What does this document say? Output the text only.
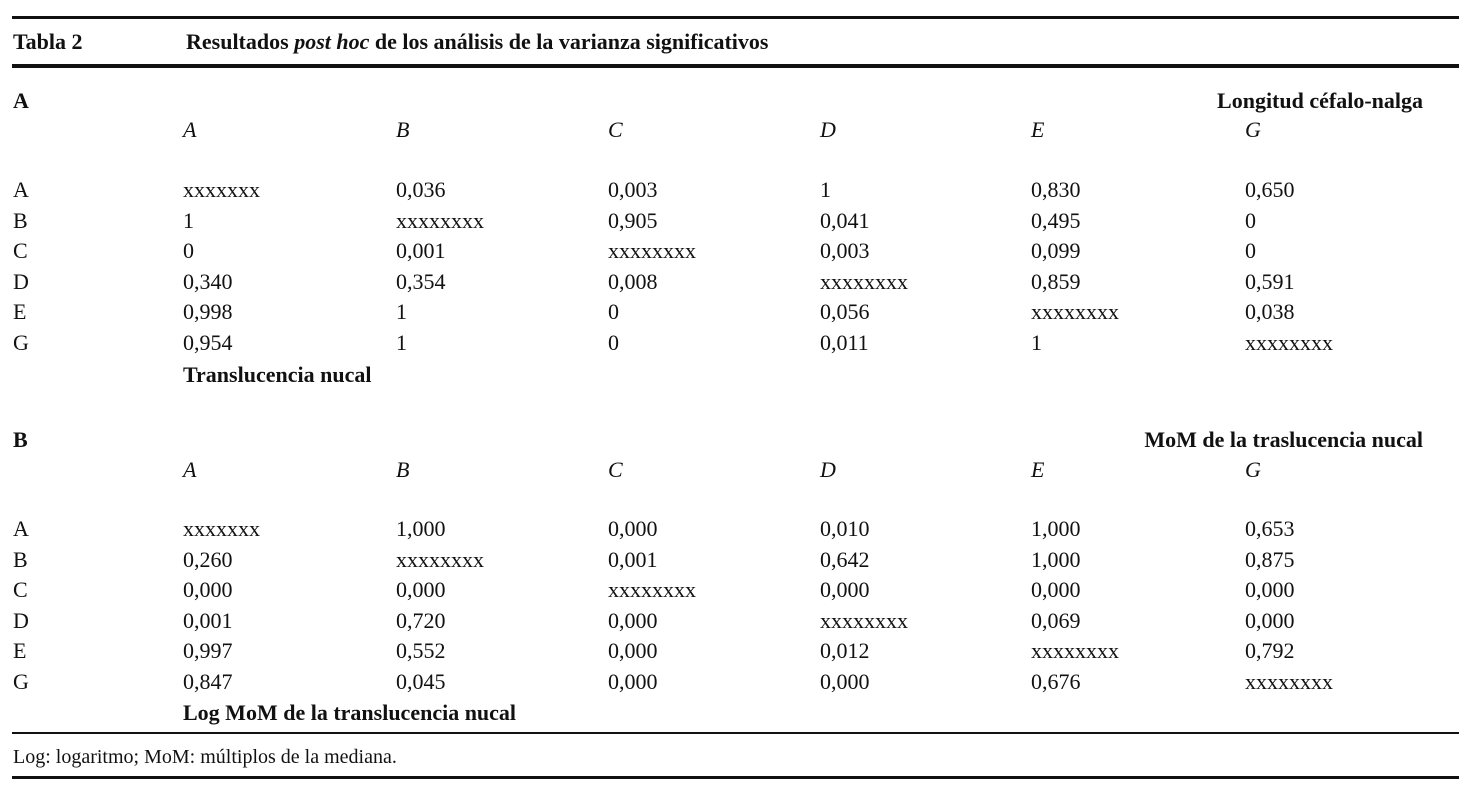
Tabla 2	Resultados post hoc de los análisis de la varianza significativos
A	Longitud céfalo-nalga
Translucencia nucal
A	B	C	D	E	G
A	xxxxxxx	0,036	0,003	1	0,830	0,650
B	1	xxxxxxxx	0,905	0,041	0,495	0
C	0	0,001	xxxxxxxx	0,003	0,099	0
D	0,340	0,354	0,008	xxxxxxxx	0,859	0,591
E	0,998	1	0	0,056	xxxxxxxx	0,038
G	0,954	1	0	0,011	1	xxxxxxxx
B	MoM de la traslucencia nucal
Log MoM de la translucencia nucal
A	B	C	D	E	G
A	xxxxxxx	1,000	0,000	0,010	1,000	0,653
B	0,260	xxxxxxxx	0,001	0,642	1,000	0,875
C	0,000	0,000	xxxxxxxx	0,000	0,000	0,000
D	0,001	0,720	0,000	xxxxxxxx	0,069	0,000
E	0,997	0,552	0,000	0,012	xxxxxxxx	0,792
G	0,847	0,045	0,000	0,000	0,676	xxxxxxxx
Log: logaritmo; MoM: múltiplos de la mediana.
